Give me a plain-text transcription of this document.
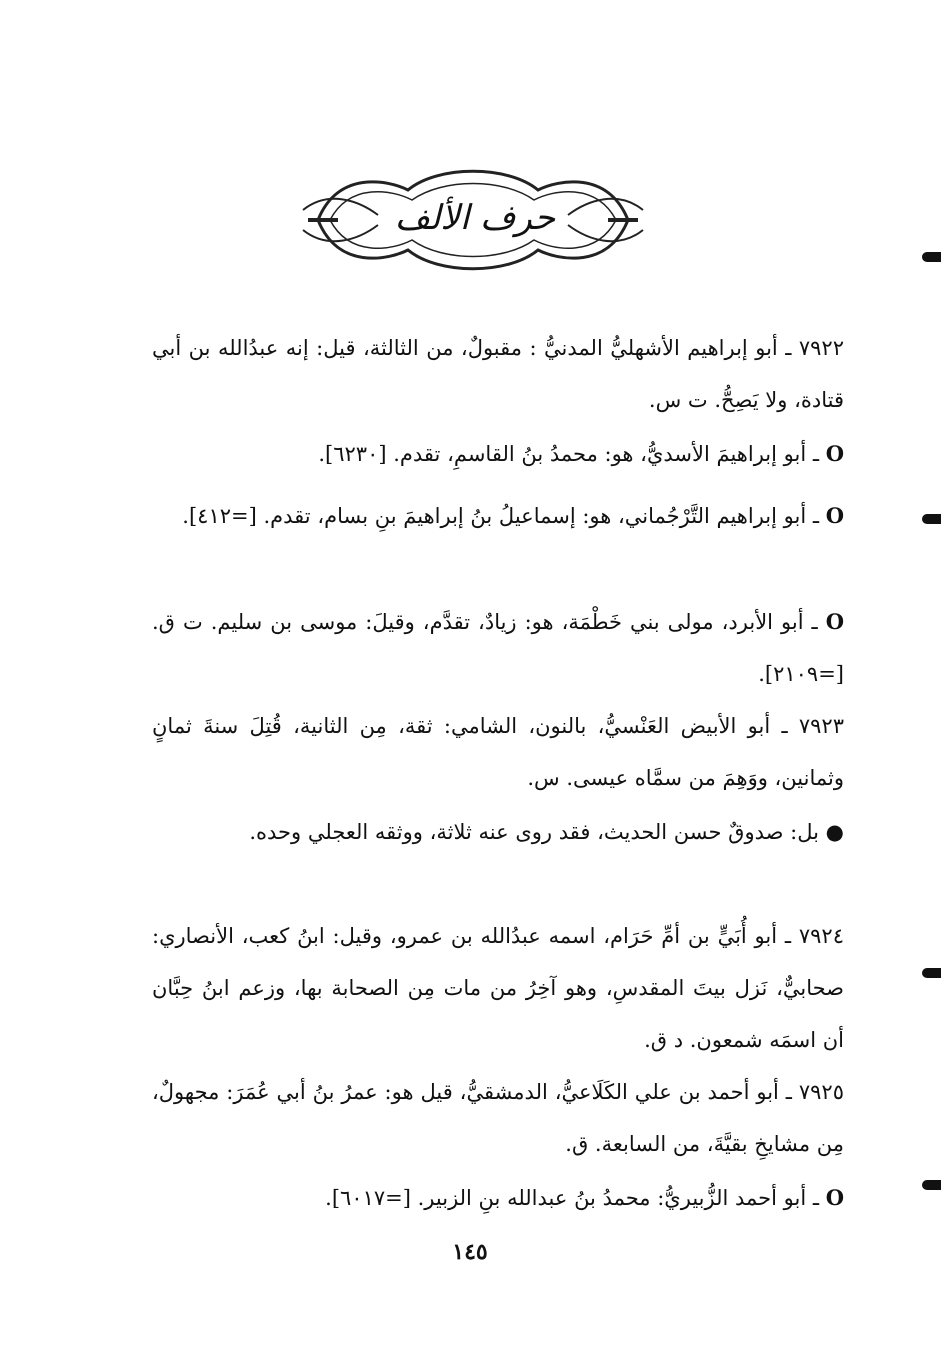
حرف الألف

٧٩٢٢ ـ أبو إبراهيم الأشهليُّ المدنيُّ : مقبولٌ، من الثالثة، قيل: إنه عبدُالله بن أبي قتادة، ولا يَصِحُّ. ت س.

O ـ أبو إبراهيمَ الأسديُّ، هو: محمدُ بنُ القاسمِ، تقدم. [٦٢٣٠].

O ـ أبو إبراهيم التَّرْجُماني، هو: إسماعيلُ بنُ إبراهيمَ بنِ بسام، تقدم. [=٤١٢].

O ـ أبو الأبرد، مولى بني خَطْمَة، هو: زيادٌ، تقدَّم، وقيلَ: موسى بن سليم. ت ق. [=٢١٠٩].

٧٩٢٣ ـ أبو الأبيض العَنْسيُّ، بالنون، الشامي: ثقة، مِن الثانية، قُتِلَ سنةَ ثمانٍ وثمانين، ووَهِمَ من سمَّاه عيسى. س.

● بل: صدوقٌ حسن الحديث، فقد روى عنه ثلاثة، ووثقه العجلي وحده.

٧٩٢٤ ـ أبو أُبَيٍّ بن أمِّ حَرَام، اسمه عبدُالله بن عمرو، وقيل: ابنُ كعب، الأنصاري: صحابيٌّ، نَزل بيتَ المقدسِ، وهو آخِرُ من مات مِن الصحابة بها، وزعم ابنُ حِبَّان أن اسمَه شمعون. د ق.

٧٩٢٥ ـ أبو أحمد بن علي الكَلَاعيُّ، الدمشقيُّ، قيل هو: عمرُ بنُ أبي عُمَرَ: مجهولٌ، مِن مشايخِ بقيَّةَ، من السابعة. ق.

O ـ أبو أحمد الزُّبيريُّ: محمدُ بنُ عبدالله بنِ الزبير. [=٦٠١٧].

١٤٥
